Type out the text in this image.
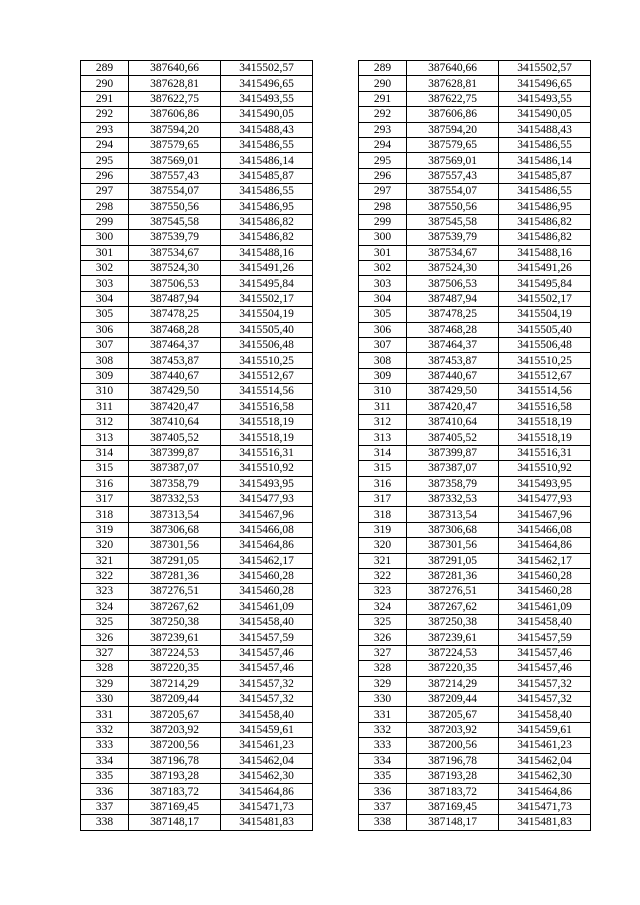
289	387640,66	3415502,57		289	387640,66	3415502,57
290	387628,81	3415496,65		290	387628,81	3415496,65
291	387622,75	3415493,55		291	387622,75	3415493,55
292	387606,86	3415490,05		292	387606,86	3415490,05
293	387594,20	3415488,43		293	387594,20	3415488,43
294	387579,65	3415486,55		294	387579,65	3415486,55
295	387569,01	3415486,14		295	387569,01	3415486,14
296	387557,43	3415485,87		296	387557,43	3415485,87
297	387554,07	3415486,55		297	387554,07	3415486,55
298	387550,56	3415486,95		298	387550,56	3415486,95
299	387545,58	3415486,82		299	387545,58	3415486,82
300	387539,79	3415486,82		300	387539,79	3415486,82
301	387534,67	3415488,16		301	387534,67	3415488,16
302	387524,30	3415491,26		302	387524,30	3415491,26
303	387506,53	3415495,84		303	387506,53	3415495,84
304	387487,94	3415502,17		304	387487,94	3415502,17
305	387478,25	3415504,19		305	387478,25	3415504,19
306	387468,28	3415505,40		306	387468,28	3415505,40
307	387464,37	3415506,48		307	387464,37	3415506,48
308	387453,87	3415510,25		308	387453,87	3415510,25
309	387440,67	3415512,67		309	387440,67	3415512,67
310	387429,50	3415514,56		310	387429,50	3415514,56
311	387420,47	3415516,58		311	387420,47	3415516,58
312	387410,64	3415518,19		312	387410,64	3415518,19
313	387405,52	3415518,19		313	387405,52	3415518,19
314	387399,87	3415516,31		314	387399,87	3415516,31
315	387387,07	3415510,92		315	387387,07	3415510,92
316	387358,79	3415493,95		316	387358,79	3415493,95
317	387332,53	3415477,93		317	387332,53	3415477,93
318	387313,54	3415467,96		318	387313,54	3415467,96
319	387306,68	3415466,08		319	387306,68	3415466,08
320	387301,56	3415464,86		320	387301,56	3415464,86
321	387291,05	3415462,17		321	387291,05	3415462,17
322	387281,36	3415460,28		322	387281,36	3415460,28
323	387276,51	3415460,28		323	387276,51	3415460,28
324	387267,62	3415461,09		324	387267,62	3415461,09
325	387250,38	3415458,40		325	387250,38	3415458,40
326	387239,61	3415457,59		326	387239,61	3415457,59
327	387224,53	3415457,46		327	387224,53	3415457,46
328	387220,35	3415457,46		328	387220,35	3415457,46
329	387214,29	3415457,32		329	387214,29	3415457,32
330	387209,44	3415457,32		330	387209,44	3415457,32
331	387205,67	3415458,40		331	387205,67	3415458,40
332	387203,92	3415459,61		332	387203,92	3415459,61
333	387200,56	3415461,23		333	387200,56	3415461,23
334	387196,78	3415462,04		334	387196,78	3415462,04
335	387193,28	3415462,30		335	387193,28	3415462,30
336	387183,72	3415464,86		336	387183,72	3415464,86
337	387169,45	3415471,73		337	387169,45	3415471,73
338	387148,17	3415481,83		338	387148,17	3415481,83
